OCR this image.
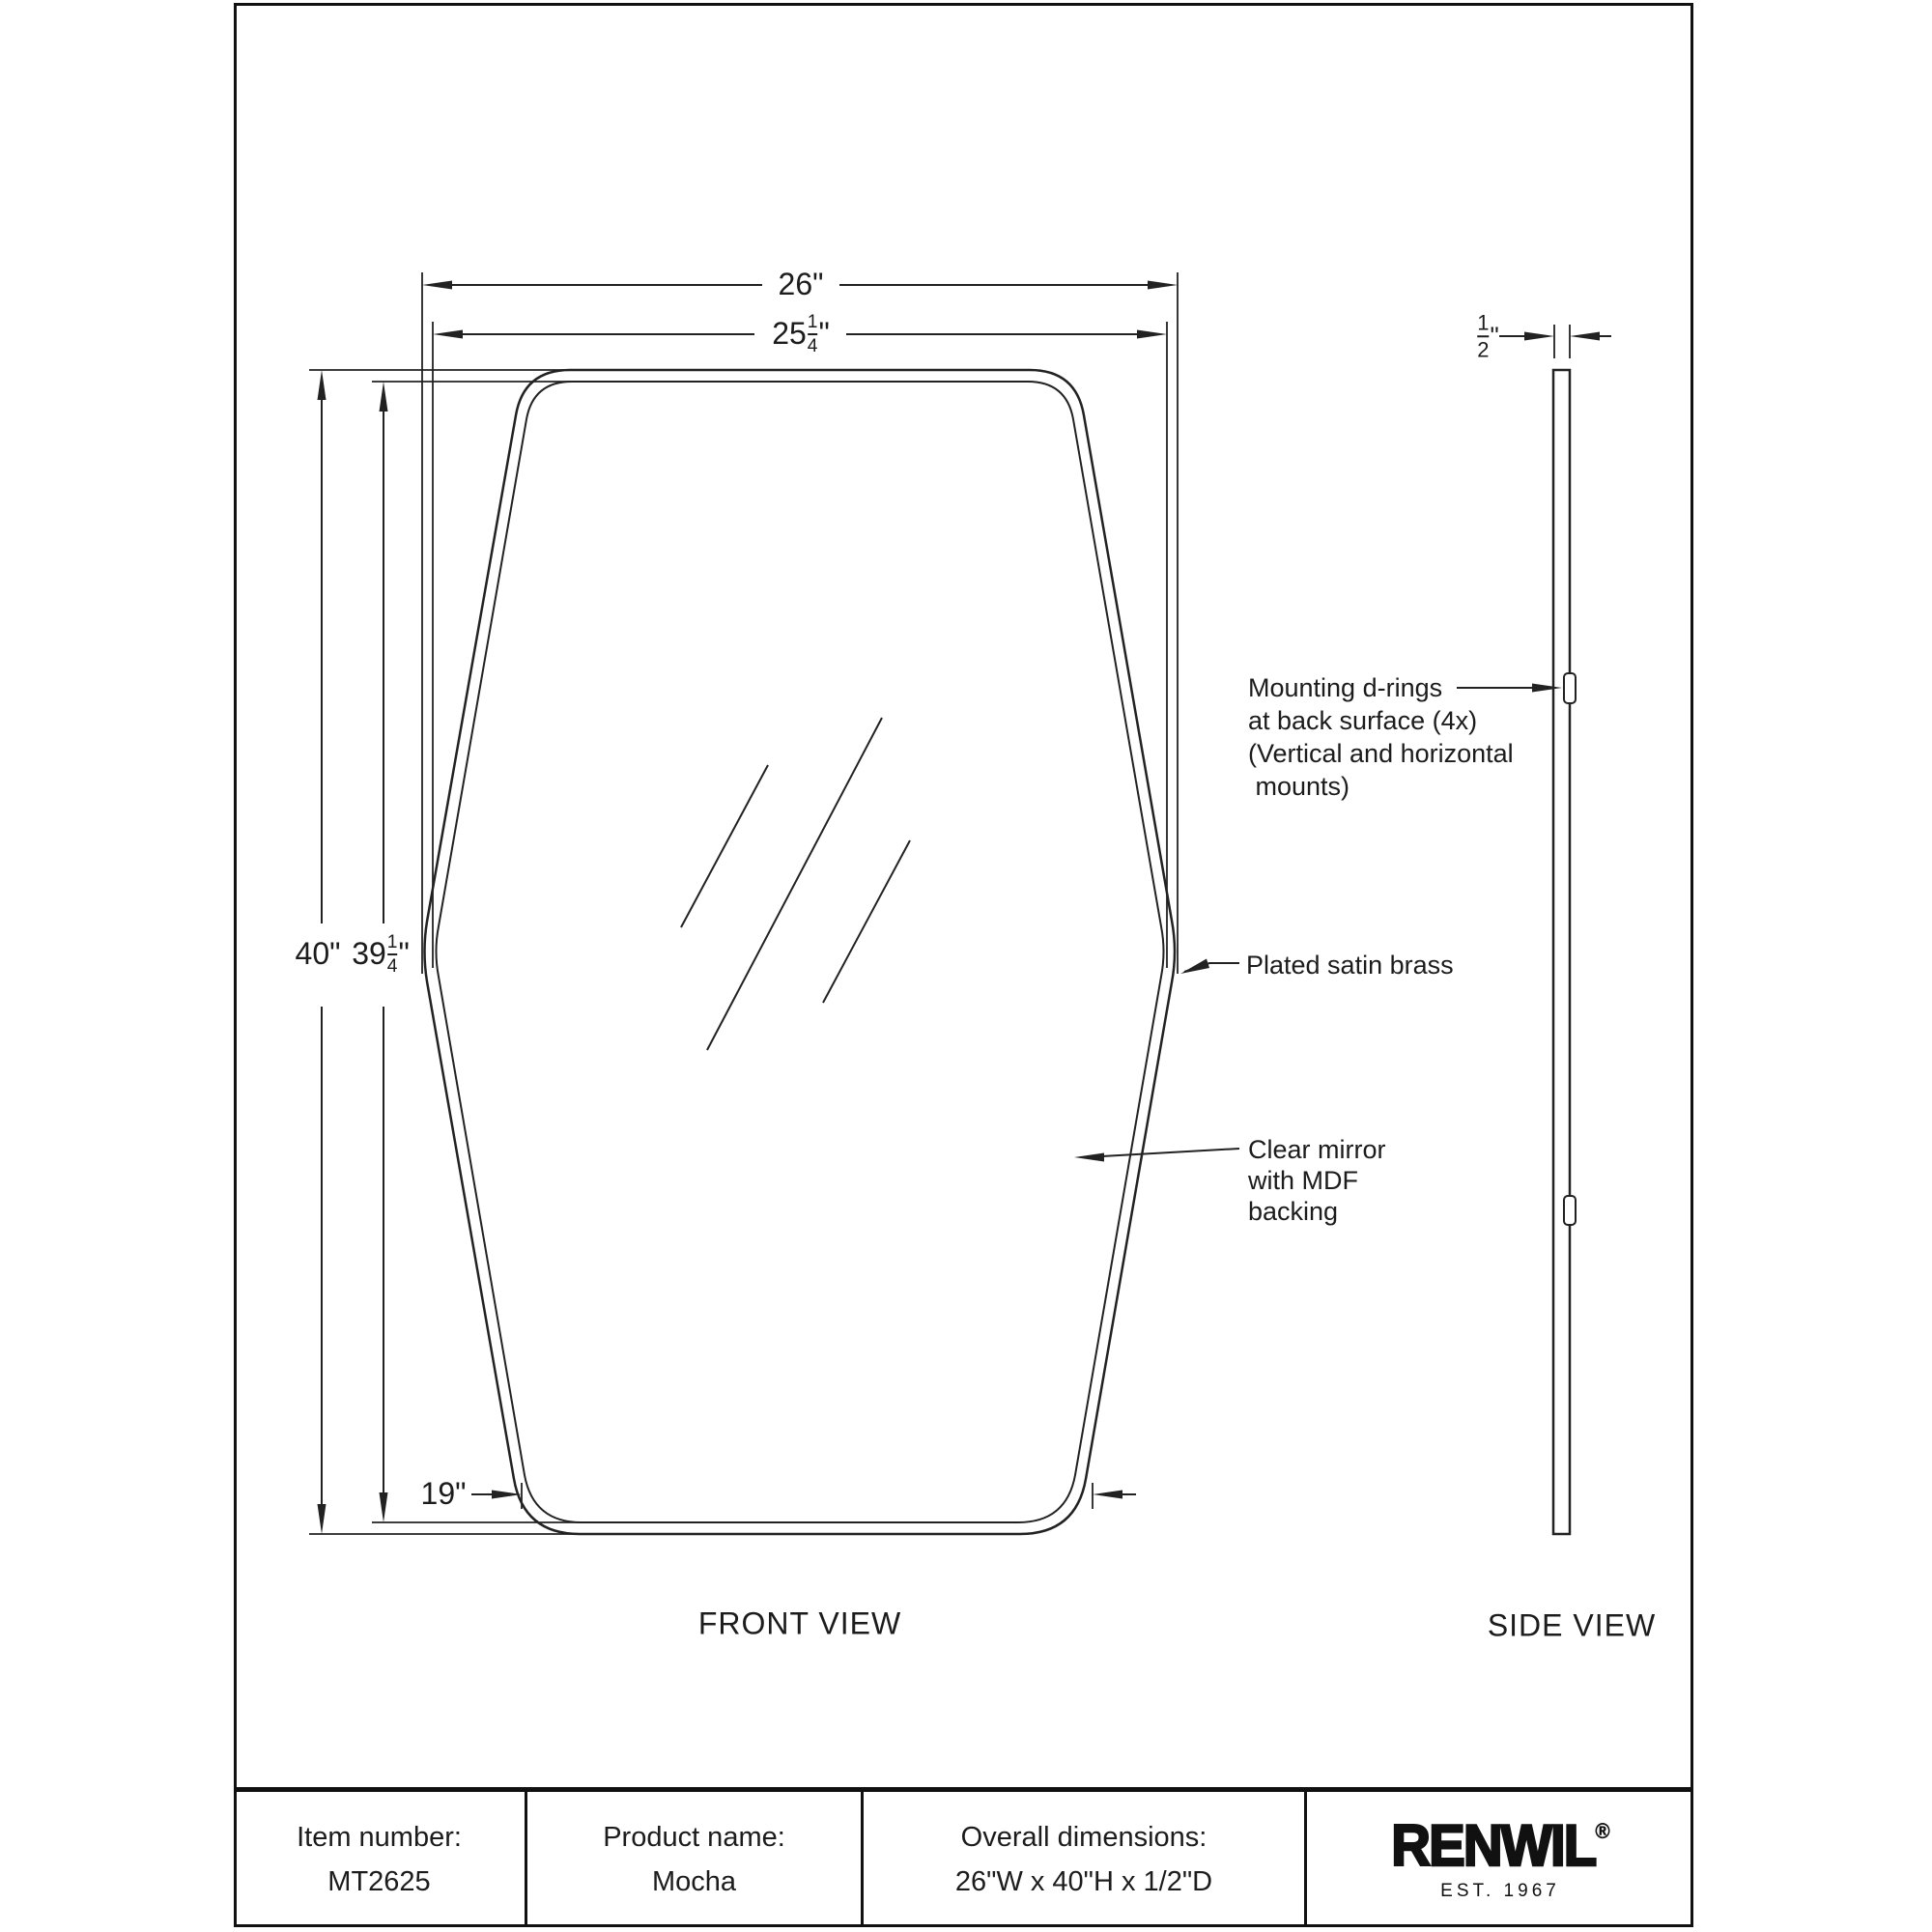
26"
$25 \frac{1}{4}$ "
40" $39 \frac{1}{4}$ "
19"
$\frac{1}{2}$ "
Mounting d-rings
at back surface (4x)
(Vertical and horizontal
mounts)
Plated satin brass
Clear mirror
with MDF
backing
FRONT VIEW	SIDE VIEW
Item number:
MT2625
Product name:
Mocha
Overall dimensions:
26"W x 40"H x 1/2"D
RENWIL®
EST. 1967
